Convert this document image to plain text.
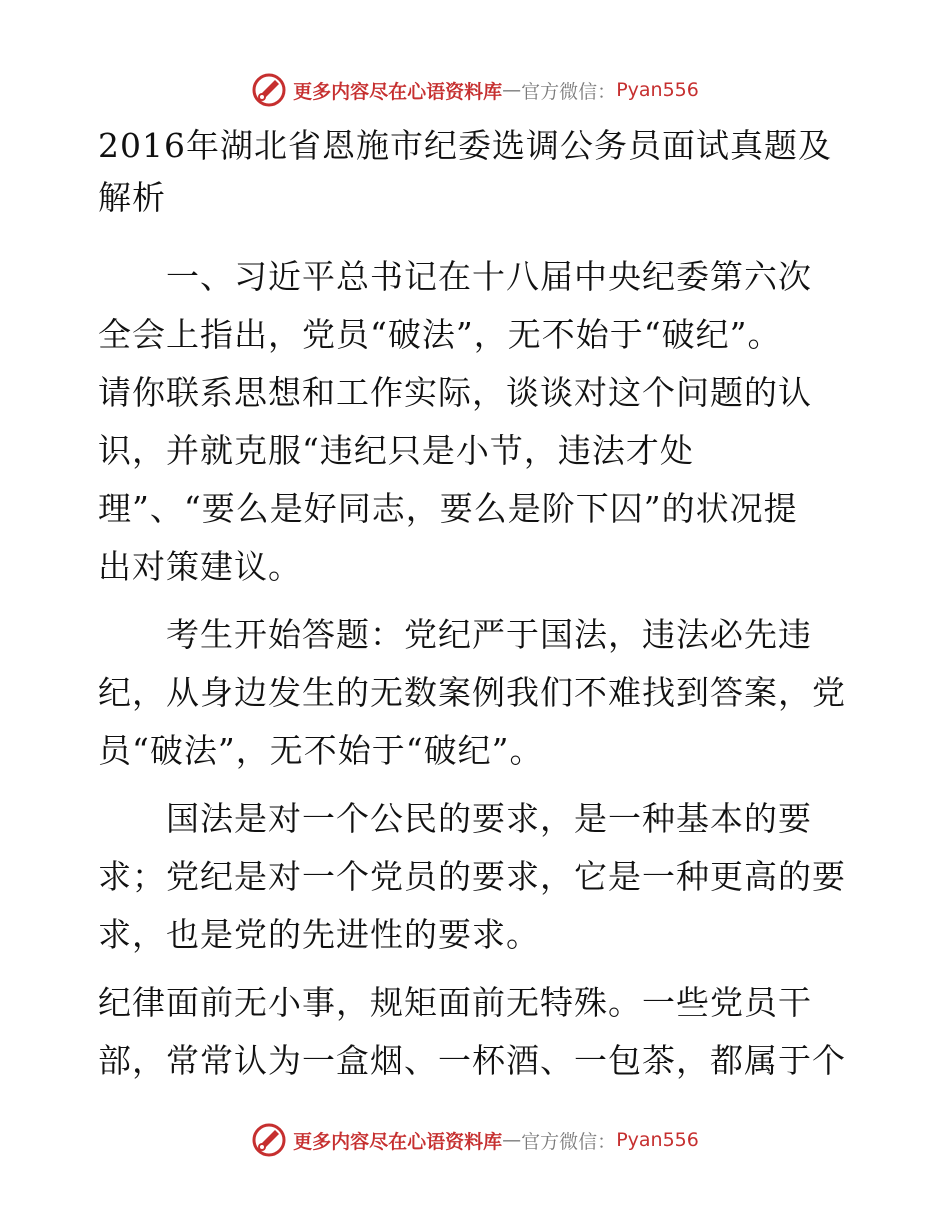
更多内容尽在心语资料库 — 官方微信： Pyan556
2016年湖北省恩施市纪委选调公务员面试真题及
解析
　　一、习近平总书记在十八届中央纪委第六次
全会上指出，党员“破法”，无不始于“破纪”。
请你联系思想和工作实际，谈谈对这个问题的认
识，并就克服“违纪只是小节，违法才处
理”、“要么是好同志，要么是阶下囚”的状况提
出对策建议。
　　考生开始答题：党纪严于国法，违法必先违
纪，从身边发生的无数案例我们不难找到答案，党
员“破法”，无不始于“破纪”。
　　国法是对一个公民的要求，是一种基本的要
求；党纪是对一个党员的要求，它是一种更高的要
求，也是党的先进性的要求。
纪律面前无小事，规矩面前无特殊。一些党员干
部，常常认为一盒烟、一杯酒、一包茶，都属于个
更多内容尽在心语资料库 — 官方微信： Pyan556
